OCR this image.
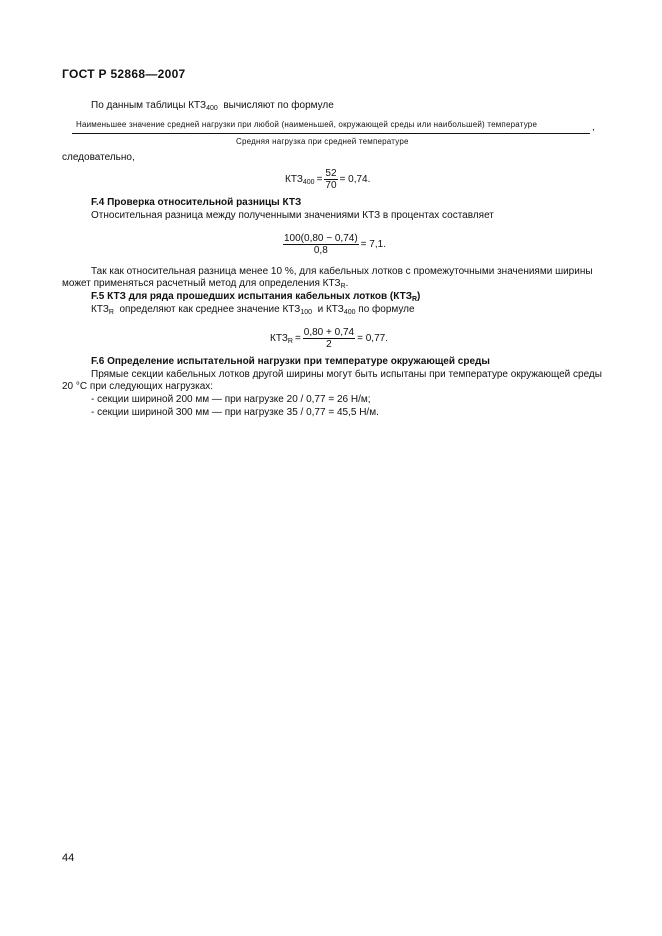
ГОСТ Р 52868—2007
По данным таблицы $КТЗ_{400}$ вычисляют по формуле
Наименьшее значение средней нагрузки при любой (наименьшей, окружающей среды или наибольшей) температуре	,
Средняя нагрузка при средней температуре
следовательно,
$КТЗ_{400} = \frac{52}{70} = 0,74$.
F.4 Проверка относительной разницы КТЗ
Относительная разница между полученными значениями КТЗ в процентах составляет
$\frac{100(0,80 - 0,74)}{0,8} = 7,1$.
Так как относительная разница менее 10 %, для кабельных лотков с промежуточными значениями ширины
может применяться расчетный метод для определения $КТЗ_R$.
F.5 КТЗ для ряда прошедших испытания кабельных лотков $(КТЗ_R)$
$КТЗ_R$ определяют как среднее значение $КТЗ_{100}$ и $КТЗ_{400}$ по формуле
$КТЗ_R = \frac{0,80 + 0,74}{2} = 0,77$.
F.6 Определение испытательной нагрузки при температуре окружающей среды
Прямые секции кабельных лотков другой ширины могут быть испытаны при температуре окружающей среды
20 °С при следующих нагрузках:
- секции шириной 200 мм — при нагрузке 20 / 0,77 = 26 Н/м;
- секции шириной 300 мм — при нагрузке 35 / 0,77 = 45,5 Н/м.
44
